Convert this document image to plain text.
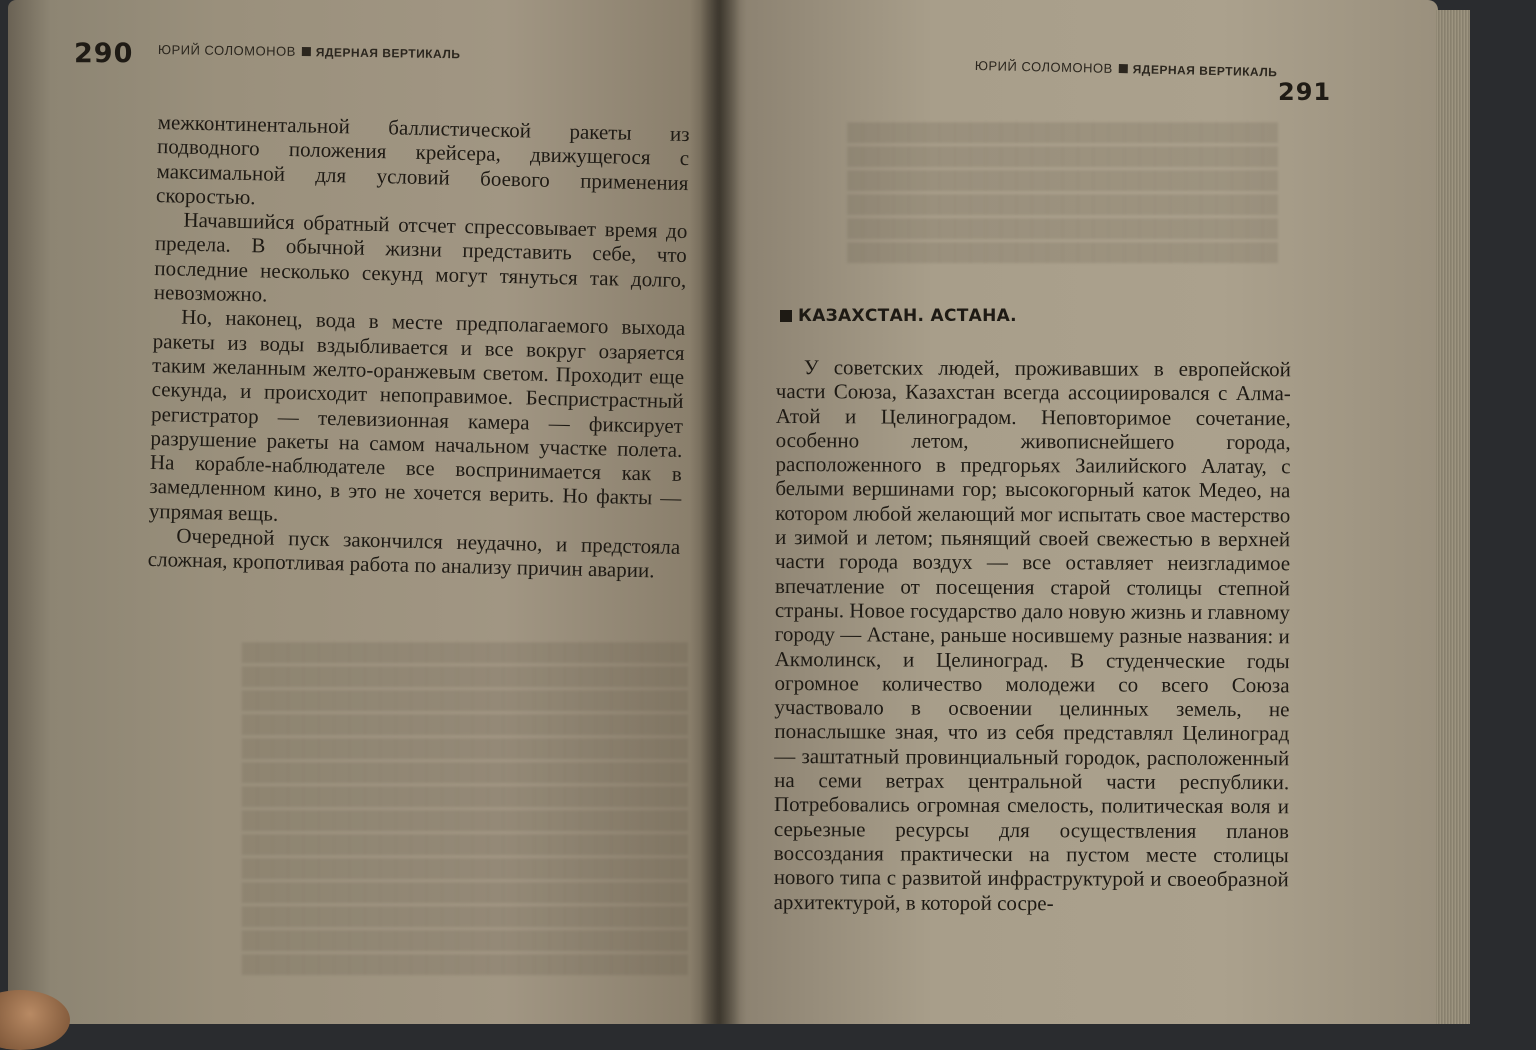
290 ЮРИЙ СОЛОМОНОВ ЯДЕРНАЯ ВЕРТИКАЛЬ

межконтинентальной баллистической ракеты из подводного положения крейсера, движущегося с максимальной для условий боевого применения скоростью.

Начавшийся обратный отсчет спрессовывает время до предела. В обычной жизни представить себе, что последние несколько секунд могут тянуться так долго, невозможно.

Но, наконец, вода в месте предполагаемого выхода ракеты из воды вздыбливается и все вокруг озаряется таким желанным желто-оранжевым светом. Проходит еще секунда, и происходит непоправимое. Беспристрастный регистратор — телевизионная камера — фиксирует разрушение ракеты на самом начальном участке полета. На корабле-наблюдателе все воспринимается как в замедленном кино, в это не хочется верить. Но факты — упрямая вещь.

Очередной пуск закончился неудачно, и предстояла сложная, кропотливая работа по анализу причин аварии.

▇▇▇▇▇▇▇▇▇▇▇▇▇▇▇▇▇▇▇▇▇▇▇▇▇▇▇▇▇
▇▇▇▇▇▇▇▇▇▇▇▇▇▇▇▇▇▇▇▇▇▇▇▇▇▇▇▇▇
▇▇▇▇▇▇▇▇▇▇▇▇▇▇▇▇▇▇▇▇▇▇▇▇▇▇▇▇▇
▇▇▇▇▇▇▇▇▇▇▇▇▇▇▇▇▇▇▇▇▇▇▇▇▇▇▇▇▇
▇▇▇▇▇▇▇▇▇▇▇▇▇▇▇▇▇▇▇▇▇▇▇▇▇▇▇▇▇
▇▇▇▇▇▇▇▇▇▇▇▇▇▇▇▇▇▇▇▇▇▇▇▇▇▇▇▇▇
▇▇▇▇▇▇▇▇▇▇▇▇▇▇▇▇▇▇▇▇▇▇▇▇▇▇▇▇▇
▇▇▇▇▇▇▇▇▇▇▇▇▇▇▇▇▇▇▇▇▇▇▇▇▇▇▇▇▇
▇▇▇▇▇▇▇▇▇▇▇▇▇▇▇▇▇▇▇▇▇▇▇▇▇▇▇▇▇
▇▇▇▇▇▇▇▇▇▇▇▇▇▇▇▇▇▇▇▇▇▇▇▇▇▇▇▇▇
▇▇▇▇▇▇▇▇▇▇▇▇▇▇▇▇▇▇▇▇▇▇▇▇▇▇▇▇▇
▇▇▇▇▇▇▇▇▇▇▇▇▇▇▇▇▇▇▇▇▇▇▇▇▇▇▇▇▇
▇▇▇▇▇▇▇▇▇▇▇▇▇▇▇▇▇▇▇▇▇▇▇▇▇▇▇▇▇
▇▇▇▇▇▇▇▇▇▇▇▇▇▇▇▇▇▇▇▇▇▇▇▇▇▇▇▇▇
ЮРИЙ СОЛОМОНОВ ЯДЕРНАЯ ВЕРТИКАЛЬ
291
▇▇▇▇▇▇▇▇▇▇▇▇▇▇▇▇▇▇▇▇▇▇▇▇▇▇▇▇
▇▇▇▇▇▇▇▇▇▇▇▇▇▇▇▇▇▇▇▇▇▇▇▇▇▇▇▇
▇▇▇▇▇▇▇▇▇▇▇▇▇▇▇▇▇▇▇▇▇▇▇▇▇▇▇▇
▇▇▇▇▇▇▇▇▇▇▇▇▇▇▇▇▇▇▇▇▇▇▇▇▇▇▇▇
▇▇▇▇▇▇▇▇▇▇▇▇▇▇▇▇▇▇▇▇▇▇▇▇▇▇▇▇
▇▇▇▇▇▇▇▇▇▇▇▇▇▇▇▇▇▇▇▇▇▇▇▇▇▇▇▇
КАЗАХСТАН. АСТАНА.

У советских людей, проживавших в европейской части Союза, Казахстан всегда ассоциировался с Алма-Атой и Целиноградом. Неповторимое сочетание, особенно летом, живописнейшего города, расположенного в предгорьях Заилийского Алатау, с белыми вершинами гор; высокогорный каток Медео, на котором любой желающий мог испытать свое мастерство и зимой и летом; пьянящий своей свежестью в верхней части города воздух — все оставляет неизгладимое впечатление от посещения старой столицы степной страны. Новое государство дало новую жизнь и главному городу — Астане, раньше носившему разные названия: и Акмолинск, и Целиноград. В студенческие годы огромное количество молодежи со всего Союза участвовало в освоении целинных земель, не понаслышке зная, что из себя представлял Целиноград — заштатный провинциальный городок, расположенный на семи ветрах центральной части республики. Потребовались огромная смелость, политическая воля и серьезные ресурсы для осуществления планов воссоздания практически на пустом месте столицы нового типа с развитой инфраструктурой и своеобразной архитектурой, в которой сосре-
